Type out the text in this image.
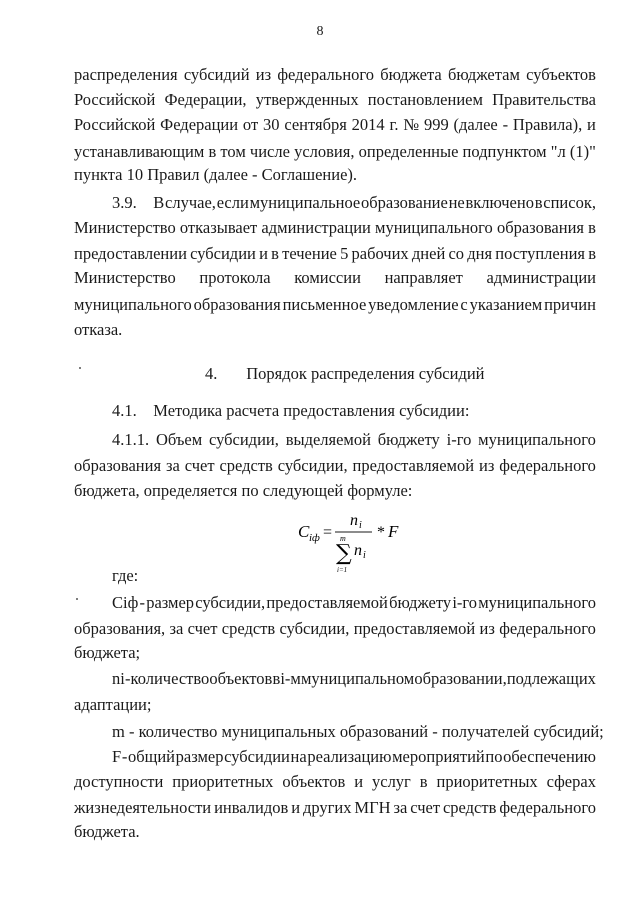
8
распределения субсидий из федерального бюджета бюджетам субъектов
Российской Федерации, утвержденных постановлением Правительства
Российской Федерации от 30 сентября 2014 г. № 999 (далее - Правила), и
устанавливающим в том числе условия, определенные подпунктом "л (1)"
пункта 10 Правил (далее - Соглашение).
3.9.    В случае, если муниципальное образование не включено в список,
Министерство отказывает администрации муниципального образования в
предоставлении субсидии и в течение 5 рабочих дней со дня поступления в
Министерство протокола комиссии направляет администрации
муниципального образования письменное уведомление с указанием причин
отказа.
4.       Порядок распределения субсидий
4.1.    Методика расчета предоставления субсидии:
4.1.1. Объем субсидии, выделяемой бюджету i-го муниципального
образования за счет средств субсидии, предоставляемой из федерального
бюджета, определяется по следующей формуле:
где:
Ciф - размер субсидии, предоставляемой бюджету i-го муниципального
образования, за счет средств субсидии, предоставляемой из федерального
бюджета;
ni - количество объектов в i-м муниципальном образовании, подлежащих
адаптации;
m - количество муниципальных образований - получателей субсидий;
F - общий размер субсидии на реализацию мероприятий по обеспечению
доступности приоритетных объектов и услуг в приоритетных сферах
жизнедеятельности инвалидов и других МГН за счет средств федерального
бюджета.
C iф =
n i
m
∑
i=1
n i
* F
